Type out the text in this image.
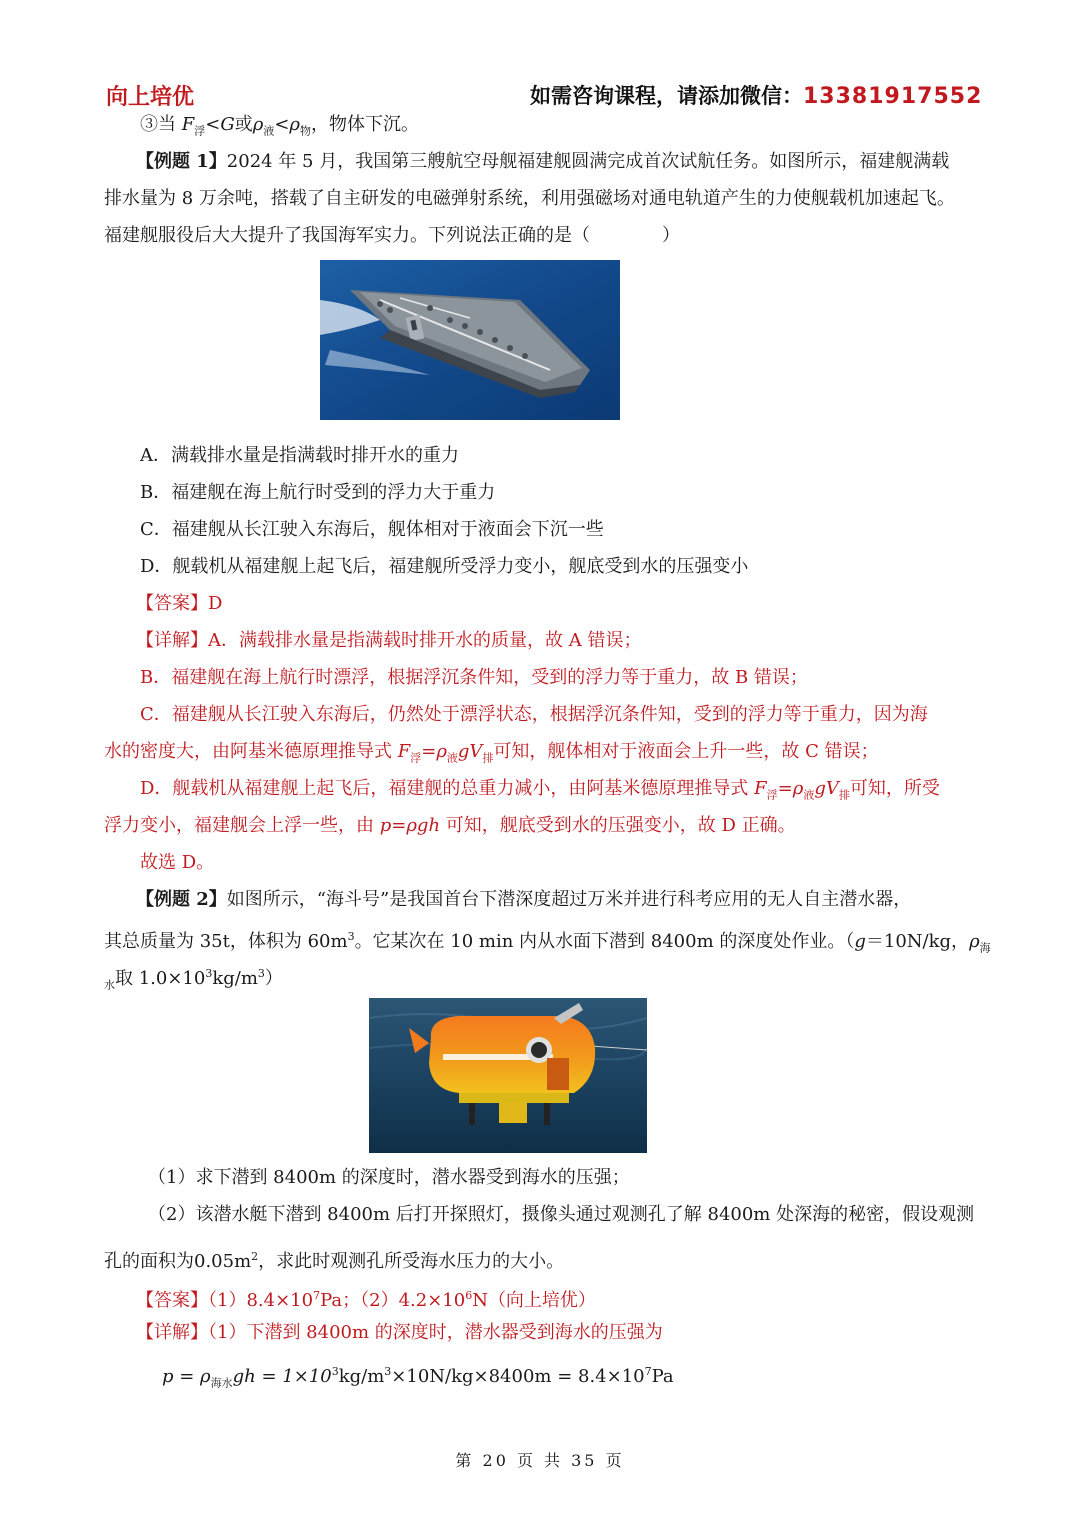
向上培优	如需咨询课程，请添加微信：13381917552
③当 $F_浮<G$或$\rho_液<\rho_物$，物体下沉。
【例题 1】2024 年 5 月，我国第三艘航空母舰福建舰圆满完成首次试航任务。如图所示，福建舰满载
排水量为 8 万余吨，搭载了自主研发的电磁弹射系统，利用强磁场对通电轨道产生的力使舰载机加速起飞。
福建舰服役后大大提升了我国海军实力。下列说法正确的是（　　　　）
A．满载排水量是指满载时排开水的重力
B．福建舰在海上航行时受到的浮力大于重力
C．福建舰从长江驶入东海后，舰体相对于液面会下沉一些
D．舰载机从福建舰上起飞后，福建舰所受浮力变小，舰底受到水的压强变小
【答案】D
【详解】A．满载排水量是指满载时排开水的质量，故 A 错误；
B．福建舰在海上航行时漂浮，根据浮沉条件知，受到的浮力等于重力，故 B 错误；
C．福建舰从长江驶入东海后，仍然处于漂浮状态，根据浮沉条件知，受到的浮力等于重力，因为海
水的密度大，由阿基米德原理推导式 $F_浮=\rho_液gV_排$可知，舰体相对于液面会上升一些，故 C 错误；
D．舰载机从福建舰上起飞后，福建舰的总重力减小，由阿基米德原理推导式 $F_浮=\rho_液gV_排$可知，所受
浮力变小，福建舰会上浮一些，由 p=ρgh 可知，舰底受到水的压强变小，故 D 正确。
故选 D。
【例题 2】如图所示，“海斗号”是我国首台下潜深度超过万米并进行科考应用的无人自主潜水器，
其总质量为 35t，体积为 $60m^3$。它某次在 10 min 内从水面下潜到 8400m 的深度处作业。（g＝10N/kg，$\rho_海$
$_水$取 $1.0\times 10^3kg/m^3$）
（1）求下潜到 8400m 的深度时，潜水器受到海水的压强；
（2）该潜水艇下潜到 8400m 后打开探照灯，摄像头通过观测孔了解 8400m 处深海的秘密，假设观测
孔的面积为$0.05m^2$，求此时观测孔所受海水压力的大小。
【答案】$(1)8.4\times 10^7Pa$；$(2)4.2\times 10^6N$（向上培优）
【详解】（1）下潜到 8400m 的深度时，潜水器受到海水的压强为
$p = \rho_{海水}gh = 1\times 10^3kg/m^3\times 10N/kg\times 8400m = 8.4\times 10^7Pa$
第 20 页 共 35 页
